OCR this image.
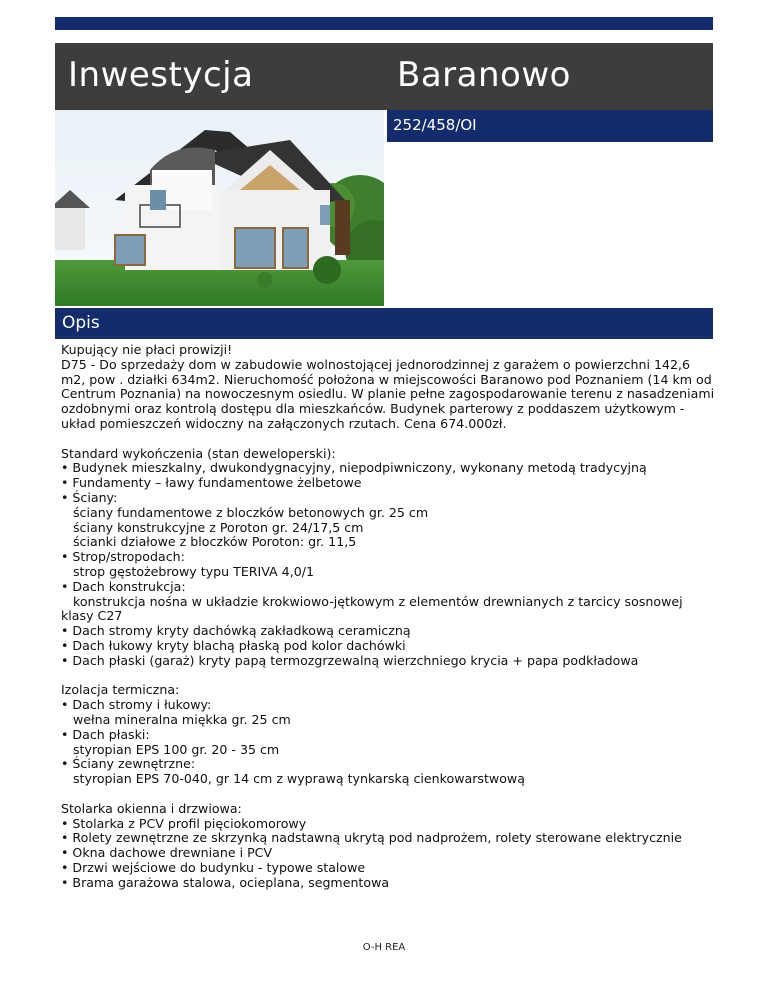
Inwestycja	Baranowo
252/458/OI
Opis

Kupujący nie płaci prowizji!

D75 - Do sprzedaży dom w zabudowie wolnostojącej jednorodzinnej z garażem o powierzchni 142,6 m2, pow . działki 634m2. Nieruchomość położona w miejscowości Baranowo pod Poznaniem (14 km od Centrum Poznania) na nowoczesnym osiedlu. W planie pełne zagospodarowanie terenu z nasadzeniami ozdobnymi oraz kontrolą dostępu dla mieszkańców. Budynek parterowy z poddaszem użytkowym - układ pomieszczeń widoczny na załączonych rzutach. Cena 674.000zł.

Standard wykończenia (stan deweloperski):
• Budynek mieszkalny, dwukondygnacyjny, niepodpiwniczony, wykonany metodą tradycyjną
• Fundamenty – ławy fundamentowe żelbetowe
• Ściany:
ściany fundamentowe z bloczków betonowych gr. 25 cm
ściany konstrukcyjne z Poroton gr. 24/17,5 cm
ścianki działowe z bloczków Poroton: gr. 11,5
• Strop/stropodach:
strop gęstożebrowy typu TERIVA 4,0/1
• Dach konstrukcja:
konstrukcja nośna w układzie krokwiowo-jętkowym z elementów drewnianych z tarcicy sosnowej
klasy C27
• Dach stromy kryty dachówką zakładkową ceramiczną
• Dach łukowy kryty blachą płaską pod kolor dachówki
• Dach płaski (garaż) kryty papą termozgrzewalną wierzchniego krycia + papa podkładowa
Izolacja termiczna:
• Dach stromy i łukowy:
wełna mineralna miękka gr. 25 cm
• Dach płaski:
styropian EPS 100 gr. 20 - 35 cm
• Ściany zewnętrzne:
styropian EPS 70-040, gr 14 cm z wyprawą tynkarską cienkowarstwową
Stolarka okienna i drzwiowa:
• Stolarka z PCV profil pięciokomorowy
• Rolety zewnętrzne ze skrzynką nadstawną ukrytą pod nadprożem, rolety sterowane elektrycznie
• Okna dachowe drewniane i PCV
• Drzwi wejściowe do budynku - typowe stalowe
• Brama garażowa stalowa, ocieplana, segmentowa
O-H REA
